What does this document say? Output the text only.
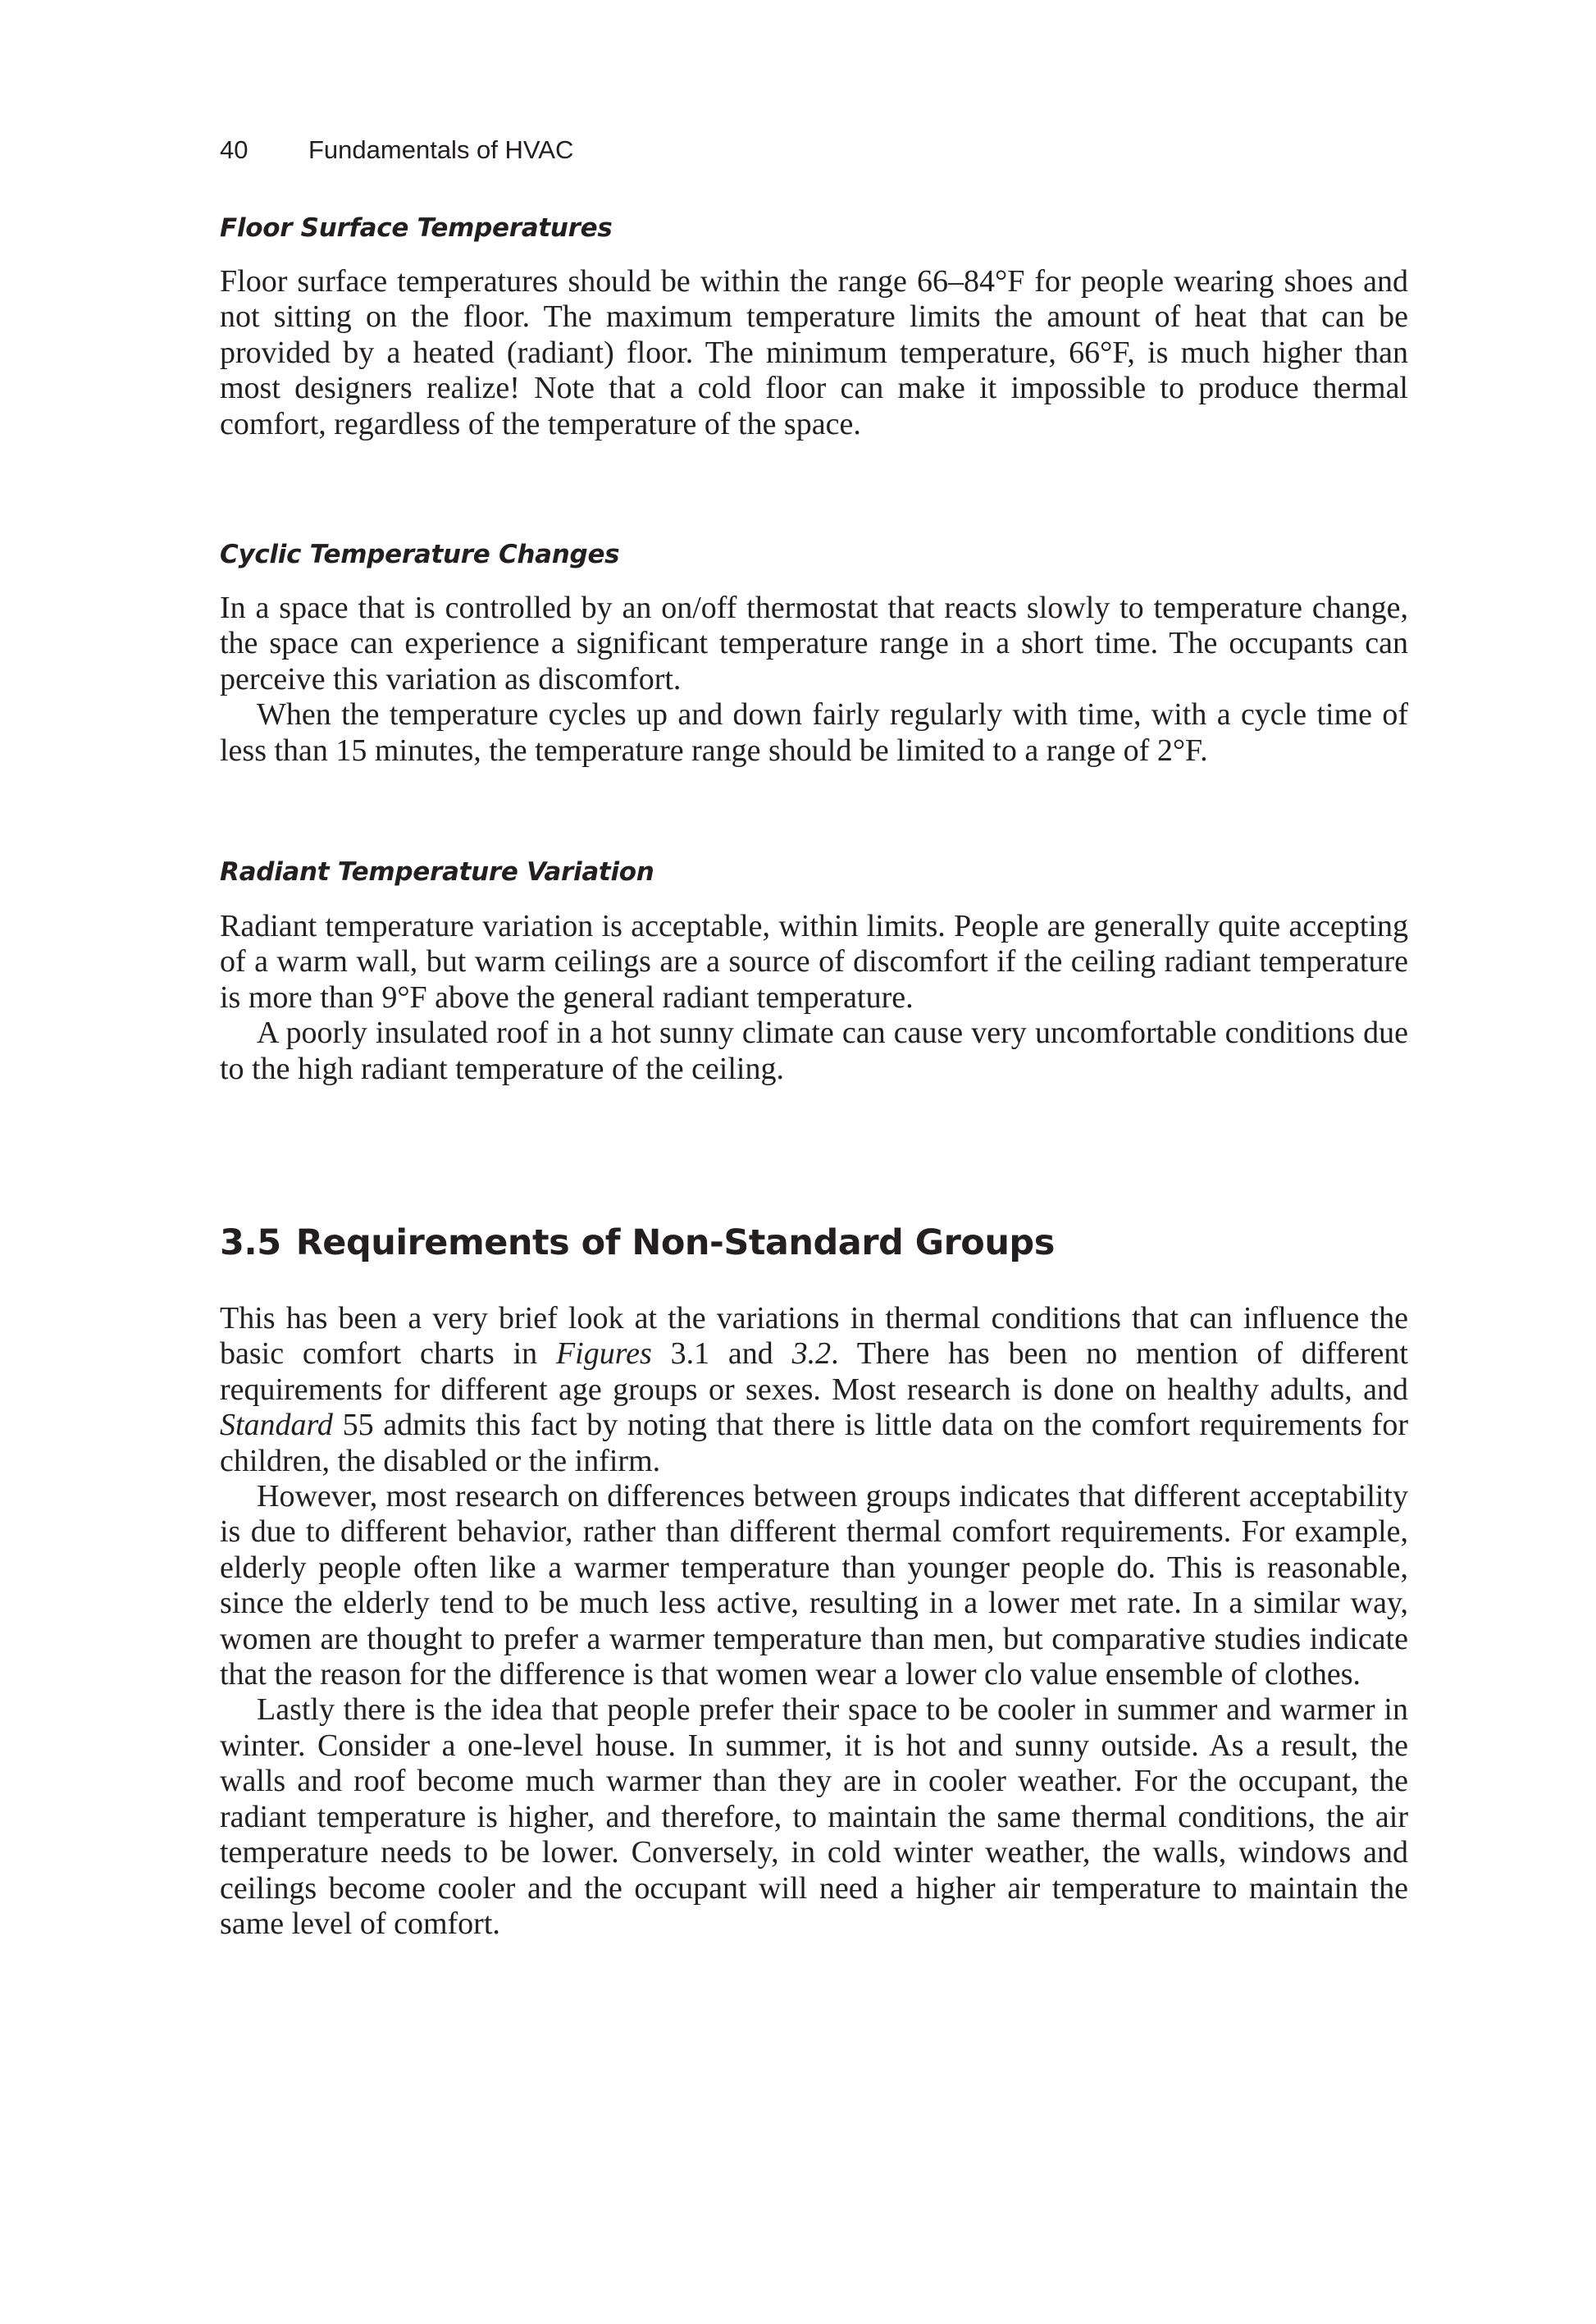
40 Fundamentals of HVAC
Floor Surface Temperatures

Floor surface temperatures should be within the range 66–84°F for people wearing shoes and not sitting on the floor. The maximum temperature limits the amount of heat that can be provided by a heated (radiant) floor. The minimum temperature, 66°F, is much higher than most designers realize! Note that a cold floor can make it impossible to produce thermal comfort, regardless of the temperature of the space.

Cyclic Temperature Changes

In a space that is controlled by an on/off thermostat that reacts slowly to temperature change, the space can experience a significant temperature range in a short time. The occupants can perceive this variation as discomfort.

When the temperature cycles up and down fairly regularly with time, with a cycle time of less than 15 minutes, the temperature range should be limited to a range of 2°F.

Radiant Temperature Variation

Radiant temperature variation is acceptable, within limits. People are generally quite accepting of a warm wall, but warm ceilings are a source of discomfort if the ceiling radiant temperature is more than 9°F above the general radiant temperature.

A poorly insulated roof in a hot sunny climate can cause very uncomfortable conditions due to the high radiant temperature of the ceiling.

3.5 Requirements of Non-Standard Groups

This has been a very brief look at the variations in thermal conditions that can influence the basic comfort charts in Figures 3.1 and 3.2. There has been no mention of different requirements for different age groups or sexes. Most research is done on healthy adults, and Standard 55 admits this fact by noting that there is little data on the comfort requirements for children, the disabled or the infirm.

However, most research on differences between groups indicates that different acceptability is due to different behavior, rather than different thermal comfort requirements. For example, elderly people often like a warmer temperature than younger people do. This is reasonable, since the elderly tend to be much less active, resulting in a lower met rate. In a similar way, women are thought to prefer a warmer temperature than men, but comparative studies indicate that the reason for the difference is that women wear a lower clo value ensemble of clothes.

Lastly there is the idea that people prefer their space to be cooler in summer and warmer in winter. Consider a one-level house. In summer, it is hot and sunny outside. As a result, the walls and roof become much warmer than they are in cooler weather. For the occupant, the radiant temperature is higher, and therefore, to maintain the same thermal conditions, the air temperature needs to be lower. Conversely, in cold winter weather, the walls, windows and ceilings become cooler and the occupant will need a higher air temperature to maintain the same level of comfort.
